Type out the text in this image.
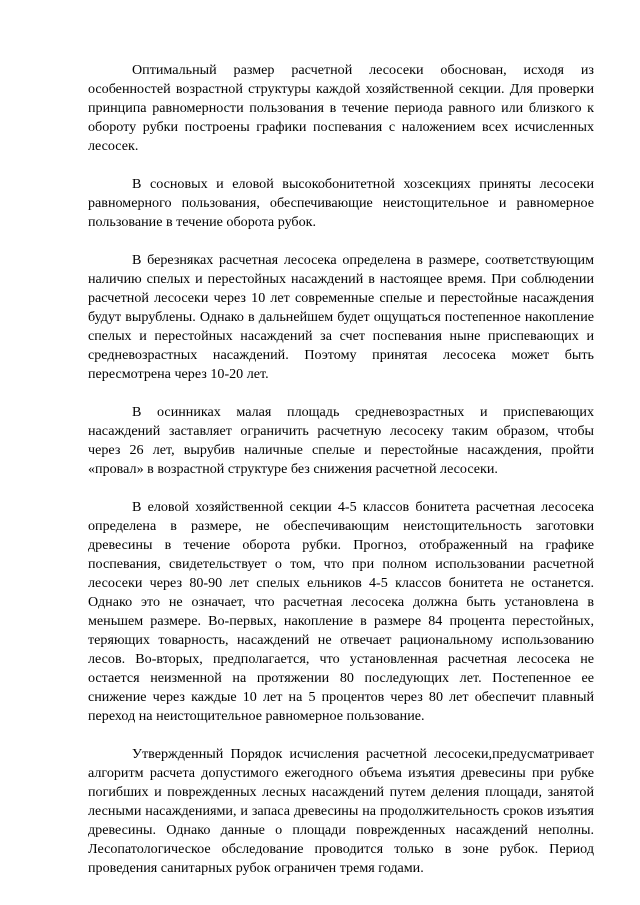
Оптимальный размер расчетной лесосеки обоснован, исходя из особенностей возрастной структуры каждой хозяйственной секции. Для проверки принципа равномерности пользования в течение периода равного или близкого к обороту рубки построены графики поспевания с наложением всех исчисленных лесосек.

В сосновых и еловой высокобонитетной хозсекциях приняты лесосеки равномерного пользования, обеспечивающие неистощительное и равномерное пользование в течение оборота рубок.

В березняках расчетная лесосека определена в размере, соответствующим наличию спелых и перестойных насаждений в настоящее время. При соблюдении расчетной лесосеки через 10 лет современные спелые и перестойные насаждения будут вырублены. Однако в дальнейшем будет ощущаться постепенное накопление спелых и перестойных насаждений за счет поспевания ныне приспевающих и средневозрастных насаждений. Поэтому принятая лесосека может быть пересмотрена через 10-20 лет.

В осинниках малая площадь средневозрастных и приспевающих насаждений заставляет ограничить расчетную лесосеку таким образом, чтобы через 26 лет, вырубив наличные спелые и перестойные насаждения, пройти «провал» в возрастной структуре без снижения расчетной лесосеки.

В еловой хозяйственной секции 4-5 классов бонитета расчетная лесосека определена в размере, не обеспечивающим неистощительность заготовки древесины в течение оборота рубки. Прогноз, отображенный на графике поспевания, свидетельствует о том, что при полном использовании расчетной лесосеки через 80-90 лет спелых ельников 4-5 классов бонитета не останется. Однако это не означает, что расчетная лесосека должна быть установлена в меньшем размере. Во-первых, накопление в размере 84 процента перестойных, теряющих товарность, насаждений не отвечает рациональному использованию лесов. Во-вторых, предполагается, что установленная расчетная лесосека не остается неизменной на протяжении 80 последующих лет. Постепенное ее снижение через каждые 10 лет на 5 процентов через 80 лет обеспечит плавный переход на неистощительное равномерное пользование.

Утвержденный Порядок исчисления расчетной лесосеки,предусматривает алгоритм расчета допустимого ежегодного объема изъятия древесины при рубке погибших и поврежденных лесных насаждений путем деления площади, занятой лесными насаждениями, и запаса древесины на продолжительность сроков изъятия древесины. Однако данные о площади поврежденных насаждений неполны. Лесопатологическое обследование проводится только в зоне рубок. Период проведения санитарных рубок ограничен тремя годами.
